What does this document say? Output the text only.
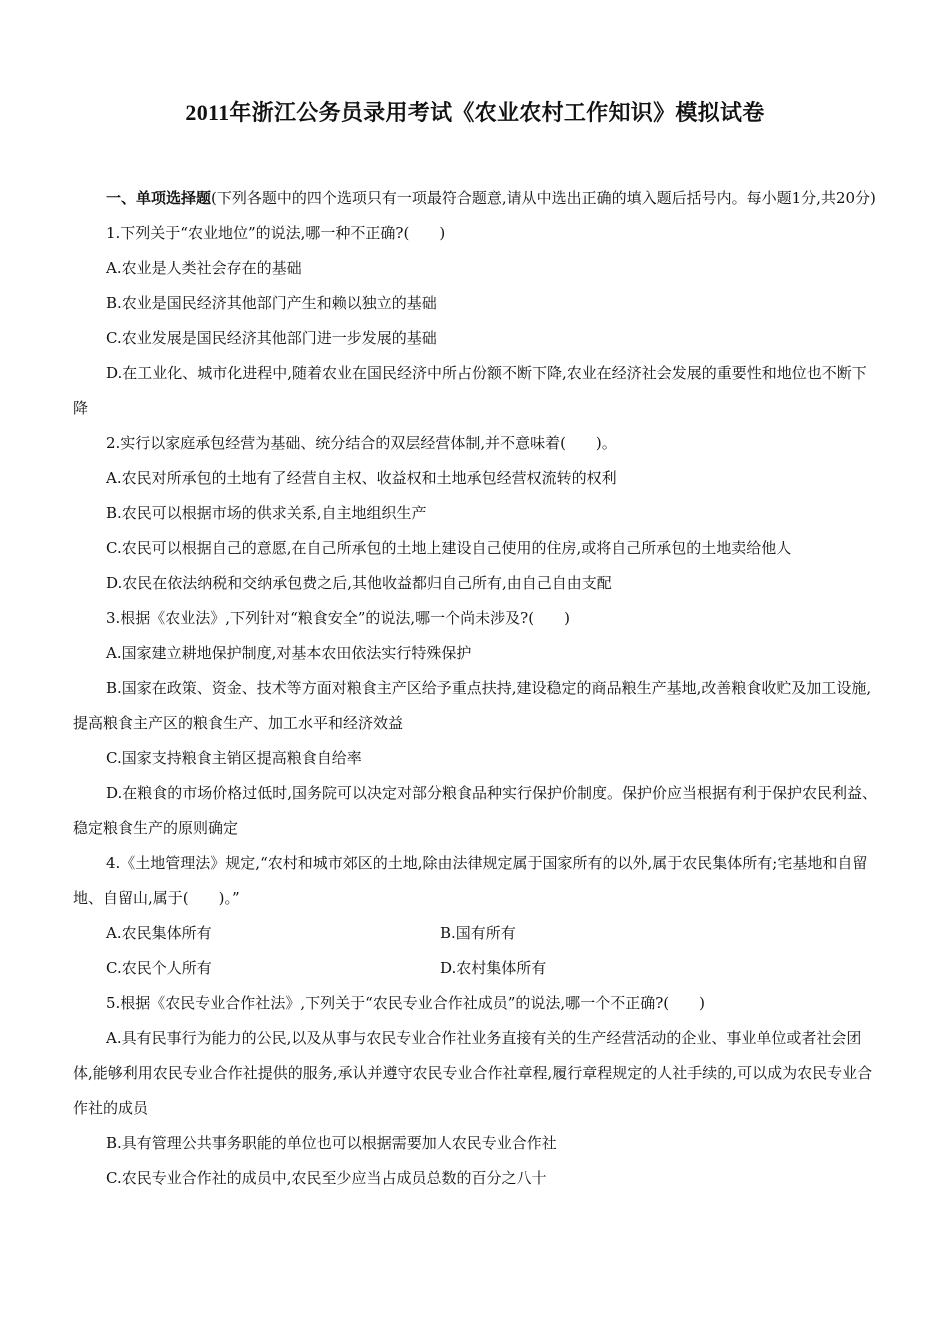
2011年浙江公务员录用考试《农业农村工作知识》模拟试卷

一、单项选择题(下列各题中的四个选项只有一项最符合题意,请从中选出正确的填入题后括号内。每小题1分,共20分)

1.下列关于“农业地位”的说法,哪一种不正确?(　　)

A.农业是人类社会存在的基础

B.农业是国民经济其他部门产生和赖以独立的基础

C.农业发展是国民经济其他部门进一步发展的基础

D.在工业化、城市化进程中,随着农业在国民经济中所占份额不断下降,农业在经济社会发展的重要性和地位也不断下降

2.实行以家庭承包经营为基础、统分结合的双层经营体制,并不意味着(　　)。

A.农民对所承包的土地有了经营自主权、收益权和土地承包经营权流转的权利

B.农民可以根据市场的供求关系,自主地组织生产

C.农民可以根据自己的意愿,在自己所承包的土地上建设自己使用的住房,或将自己所承包的土地卖给他人

D.农民在依法纳税和交纳承包费之后,其他收益都归自己所有,由自己自由支配

3.根据《农业法》,下列针对“粮食安全”的说法,哪一个尚未涉及?(　　)

A.国家建立耕地保护制度,对基本农田依法实行特殊保护

B.国家在政策、资金、技术等方面对粮食主产区给予重点扶持,建设稳定的商品粮生产基地,改善粮食收贮及加工设施,提高粮食主产区的粮食生产、加工水平和经济效益

C.国家支持粮食主销区提高粮食自给率

D.在粮食的市场价格过低时,国务院可以决定对部分粮食品种实行保护价制度。保护价应当根据有利于保护农民利益、稳定粮食生产的原则确定

4.《土地管理法》规定,“农村和城市郊区的土地,除由法律规定属于国家所有的以外,属于农民集体所有;宅基地和自留地、自留山,属于(　　)。”

A.农民集体所有	B.国有所有
C.农民个人所有	D.农村集体所有

5.根据《农民专业合作社法》,下列关于“农民专业合作社成员”的说法,哪一个不正确?(　　)

A.具有民事行为能力的公民,以及从事与农民专业合作社业务直接有关的生产经营活动的企业、事业单位或者社会团体,能够利用农民专业合作社提供的服务,承认并遵守农民专业合作社章程,履行章程规定的人社手续的,可以成为农民专业合作社的成员

B.具有管理公共事务职能的单位也可以根据需要加人农民专业合作社

C.农民专业合作社的成员中,农民至少应当占成员总数的百分之八十
